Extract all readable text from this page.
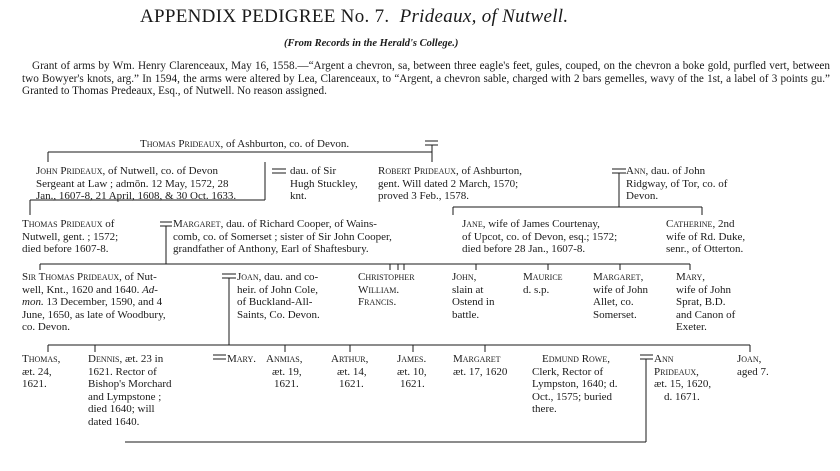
APPENDIX PEDIGREE No. 7. Prideaux, of Nutwell.
(From Records in the Herald's College.)
Grant of arms by Wm. Henry Clarenceaux, May 16, 1558.—“Argent a chevron, sa, between three eagle's feet, gules, couped, on the chevron a boke gold, purfled vert, between two Bowyer's knots, arg.” In 1594, the arms were altered by Lea, Clarenceaux, to “Argent, a chevron sable, charged with 2 bars gemelles, wavy of the 1st, a label of 3 points gu.” Granted to Thomas Predeaux, Esq., of Nutwell. No reason assigned.
Thomas Prideaux, of Ashburton, co. of Devon.
John Prideaux, of Nutwell, co. of Devon
Sergeant at Law ; admōn. 12 May, 1572, 28
Jan., 1607-8, 21 April, 1608, & 30 Oct. 1633.
dau. of Sir
Hugh Stuckley,
knt.
Robert Prideaux, of Ashburton,
gent. Will dated 2 March, 1570;
proved 3 Feb., 1578.
Ann, dau. of John
Ridgway, of Tor, co. of
Devon.
Thomas Prideaux of
Nutwell, gent. ; 1572;
died before 1607-8.
Margaret, dau. of Richard Cooper, of Wains-
comb, co. of Somerset ; sister of Sir John Cooper,
grandfather of Anthony, Earl of Shaftesbury.
Jane, wife of James Courtenay,
of Upcot, co. of Devon, esq.; 1572;
died before 28 Jan., 1607-8.
Catherine, 2nd
wife of Rd. Duke,
senr., of Otterton.
Sir Thomas Prideaux, of Nut-
well, Knt., 1620 and 1640. Ad-
mon. 13 December, 1590, and 4
June, 1650, as late of Woodbury,
co. Devon.
Joan, dau. and co-
heir. of John Cole,
of Buckland-All-
Saints, Co. Devon.
Christopher
William.
Francis.
John,
slain at
Ostend in
battle.
Maurice
d. s.p.
Margaret,
wife of John
Allet, co.
Somerset.
Mary,
wife of John
Sprat, B.D.
and Canon of
Exeter.
Thomas,
æt. 24,
1621.
Dennis, æt. 23 in
1621. Rector of
Bishop's Morchard
and Lympstone ;
died 1640; will
dated 1640.
Mary. Anmias,
æt. 19,
1621.
Arthur,
æt. 14,
1621.
James.
æt. 10,
1621.
Margaret
æt. 17, 1620
Edmund Rowe,
Clerk, Rector of
Lympston, 1640; d.
Oct., 1575; buried
there.
Ann
Prideaux,
æt. 15, 1620,
d. 1671.
Joan,
aged 7.
